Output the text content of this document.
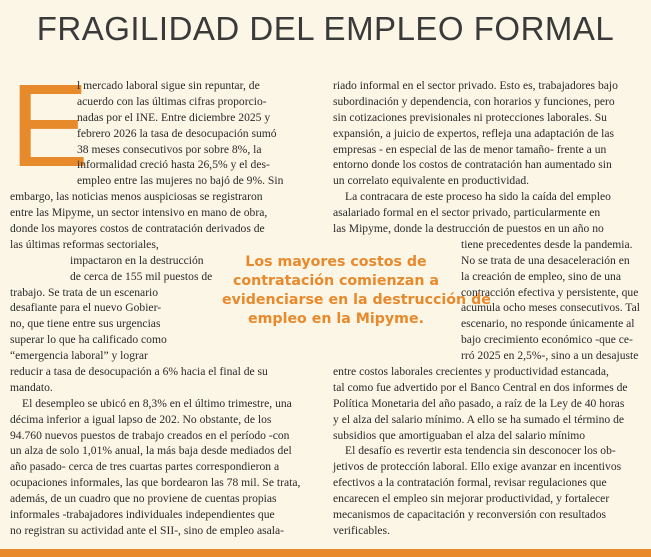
FRAGILIDAD DEL EMPLEO FORMAL
E
l mercado laboral sigue sin repuntar, de
acuerdo con las últimas cifras proporcio-
nadas por el INE. Entre diciembre 2025 y
febrero 2026 la tasa de desocupación sumó
38 meses consecutivos por sobre 8%, la
informalidad creció hasta 26,5% y el des-
empleo entre las mujeres no bajó de 9%. Sin
embargo, las noticias menos auspiciosas se registraron
entre las Mipyme, un sector intensivo en mano de obra,
donde los mayores costos de contratación derivados de
las últimas reformas sectoriales,
impactaron en la destrucción
de cerca de 155 mil puestos de
trabajo. Se trata de un escenario
desafiante para el nuevo Gobier-
no, que tiene entre sus urgencias
superar lo que ha calificado como
“emergencia laboral” y lograr
reducir a tasa de desocupación a 6% hacia el final de su
mandato.
El desempleo se ubicó en 8,3% en el último trimestre, una
décima inferior a igual lapso de 202. No obstante, de los
94.760 nuevos puestos de trabajo creados en el período -con
un alza de solo 1,01% anual, la más baja desde mediados del
año pasado- cerca de tres cuartas partes correspondieron a
ocupaciones informales, las que bordearon las 78 mil. Se trata,
además, de un cuadro que no proviene de cuentas propias
informales -trabajadores individuales independientes que
no registran su actividad ante el SII-, sino de empleo asala-
riado informal en el sector privado. Esto es, trabajadores bajo
subordinación y dependencia, con horarios y funciones, pero
sin cotizaciones previsionales ni protecciones laborales. Su
expansión, a juicio de expertos, refleja una adaptación de las
empresas - en especial de las de menor tamaño- frente a un
entorno donde los costos de contratación han aumentado sin
un correlato equivalente en productividad.
La contracara de este proceso ha sido la caída del empleo
asalariado formal en el sector privado, particularmente en
las Mipyme, donde la destrucción de puestos en un año no
tiene precedentes desde la pandemia.
No se trata de una desaceleración en
la creación de empleo, sino de una
contracción efectiva y persistente, que
acumula ocho meses consecutivos. Tal
escenario, no responde únicamente al
bajo crecimiento económico -que ce-
rró 2025 en 2,5%-, sino a un desajuste
entre costos laborales crecientes y productividad estancada,
tal como fue advertido por el Banco Central en dos informes de
Política Monetaria del año pasado, a raíz de la Ley de 40 horas
y el alza del salario mínimo. A ello se ha sumado el término de
subsidios que amortiguaban el alza del salario mínimo
El desafío es revertir esta tendencia sin desconocer los ob-
jetivos de protección laboral. Ello exige avanzar en incentivos
efectivos a la contratación formal, revisar regulaciones que
encarecen el empleo sin mejorar productividad, y fortalecer
mecanismos de capacitación y reconversión con resultados
verificables.
Los mayores costos de
contratación comienzan a
evidenciarse en la destrucción de
empleo en la Mipyme.
